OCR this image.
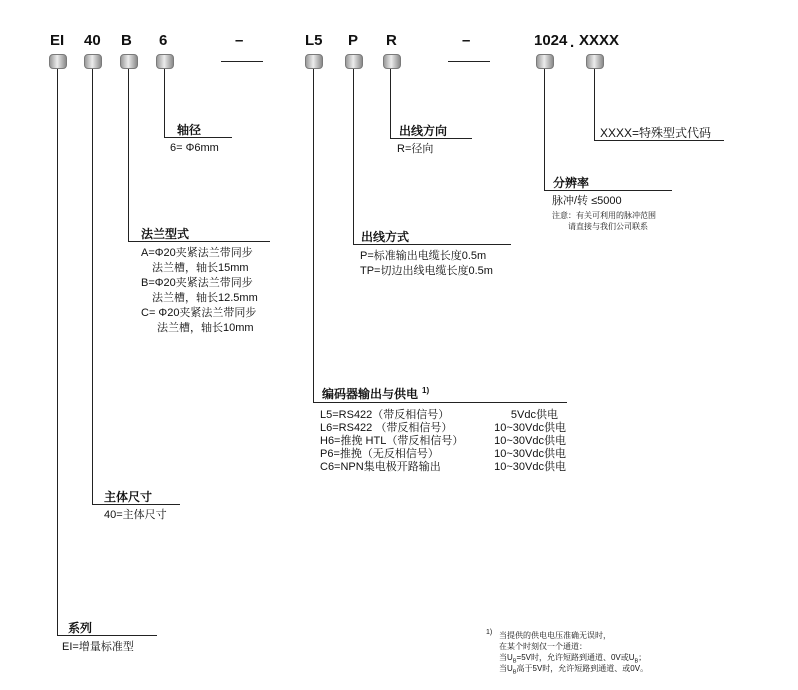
EI 40 B 6	–	L5 P R	–	1024 . XXXX
轴径
6= Φ6mm
法兰型式
A=Φ20夹紧法兰带同步
法兰槽，轴长15mm
B=Φ20夹紧法兰带同步
法兰槽，轴长12.5mm
C= Φ20夹紧法兰带同步
法兰槽，轴长10mm
出线方向
R=径向
出线方式
P=标准输出电缆长度0.5m
TP=切边出线电缆长度0.5m
分辨率
脉冲/转 ≤5000
注意：有关可利用的脉冲范围
请直接与我们公司联系
XXXX=特殊型式代码
编码器输出与供电 $^{1)}$
L5=RS422（带反相信号）	5Vdc供电
L6=RS422 （带反相信号）	10~30Vdc供电
H6=推挽 HTL（带反相信号）	10~30Vdc供电
P6=推挽（无反相信号）	10~30Vdc供电
C6=NPN集电极开路输出	10~30Vdc供电
主体尺寸
40=主体尺寸
系列
EI=增量标准型
1) 当提供的供电电压准确无误时，
在某个时刻仅一个通道：
当$U_B=5V$时，允许短路到通道、0V或$U_B$；
当$U_B$高于5V时，允许短路到通道、或0V。
